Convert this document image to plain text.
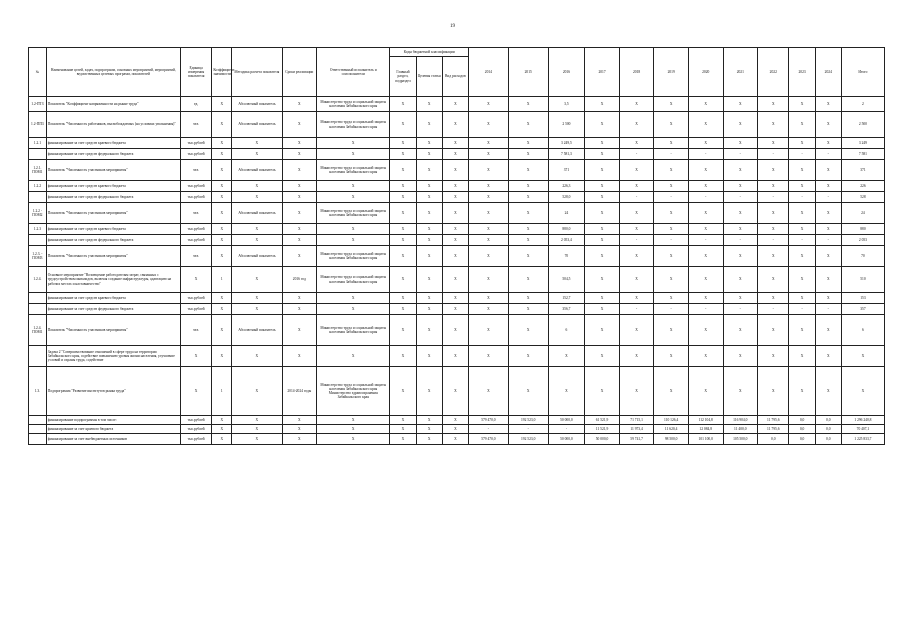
19
№	Наименование целей, задач, подпрограмм, основных мероприятий, мероприятий, ведомственных целевых программ, показателей	Единица измерения показателя	Коэффициент значимости	Методика расчета показателя	Сроки реализации	Ответственный исполнитель и соисполнители	Коды бюджетной классификации			2014	2015	2016	2017	2018	2019	2020	2021	2022	2023	2024	Итого
							Главный раздел, подраздел	Целевая статья	Вид расходов												
1.2-ПТЗ	Показатель "Коэффициент напряженности на рынке труда"	ед.	Х	Абсолютный показатель	Х	Министерство труда и социальной защиты населения Забайкальского края	Х	Х	Х	Х	Х	3,5	Х	Х	Х	Х	Х	Х	Х	Х	2
1.2-ПП3	Показатель "Численность работников, высвобождаемых (на условиях увольнения)"	чел.	Х	Абсолютный показатель	Х	Министерство труда и социальной защиты населения Забайкальского края	Х	Х	Х	Х	Х	2 500	Х	Х	Х	Х	Х	Х	Х	Х	2 500
1.2.1	финансирование за счет средств краевого бюджета	тыс.рублей	Х	Х	Х	Х	Х	Х	Х	Х	Х	3 249,5	Х	Х	Х	Х	Х	Х	Х	Х	3 249
	финансирование за счет средств федерального бюджета	тыс.рублей	Х	Х	Х	Х	Х	Х	Х	Х	Х	7 581,3	Х	-	-	-	-	-	-	-	7 581
1.2.1. ПОМ1	Показатель "Численность участников мероприятия"	чел.	Х	Абсолютный показатель	Х	Министерство труда и социальной защиты населения Забайкальского края	Х	Х	Х	Х	Х	371	Х	Х	Х	Х	Х	Х	Х	Х	371
1.2.2	финансирование за счет средств краевого бюджета	тыс.рублей	Х	Х	Х	Х	Х	Х	Х	Х	Х	226,3	Х	Х	Х	Х	Х	Х	Х	Х	226
	финансирование за счет средств федерального бюджета	тыс.рублей	Х	Х	Х	Х	Х	Х	Х	Х	Х	528,0	Х	-	-	-	-	-	-	-	528
1.2.2 - ПОМ2	Показатель "Численность участников мероприятия"	чел.	Х	Абсолютный показатель	Х	Министерство труда и социальной защиты населения Забайкальского края	Х	Х	Х	Х	Х	24	Х	Х	Х	Х	Х	Х	Х	Х	24
1.2.3	финансирование за счет средств краевого бюджета	тыс.рублей	Х	Х	Х	Х	Х	Х	Х	Х	Х	880,0	Х	Х	Х	Х	Х	Х	Х	Х	880
	финансирование за счет средств федерального бюджета	тыс.рублей	Х	Х	Х	Х	Х	Х	Х	Х	Х	2 053,4	Х	-	-	-	-	-	-	-	2 053
1.2.3. - ПОМ3	Показатель "Численность участников мероприятия"	чел.	Х	Абсолютный показатель	Х	Министерство труда и социальной защиты населения Забайкальского края	Х	Х	Х	Х	Х	70	Х	Х	Х	Х	Х	Х	Х	Х	70
1.2.4.	Основное мероприятие "Возмещение работодателям затрат, связанных с трудоустройством инвалидов, включая создание инфраструктуры, адаптацию на рабочих местах и наставничество"	Х	1	Х	2016 год	Министерство труда и социальной защиты населения Забайкальского края	Х	Х	Х	Х	Х	504,5	Х	Х	Х	Х	Х	Х	Х	Х	510
	финансирование за счет средств краевого бюджета	тыс.рублей	Х	Х	Х	Х	Х	Х	Х	Х	Х	152,7	Х	Х	Х	Х	Х	Х	Х	Х	153
	финансирование за счет средств федерального бюджета	тыс.рублей	Х	Х	Х	Х	Х	Х	Х	Х	Х	356,7	Х	-	-	-	-	-	-	-	357
1.2.4. ПОМ1	Показатель "Численность участников мероприятия"	чел.	Х	Абсолютный показатель	Х	Министерство труда и социальной защиты населения Забайкальского края	Х	Х	Х	Х	Х	6	Х	Х	Х	Х	Х	Х	Х	Х	6
	Задача 2 "Совершенствование отношений в сфере труда на территории Забайкальского края, содействие повышению уровня жизни населения, улучшение условий и охраны труда, содействие	Х	Х	Х	Х	Х	Х	Х	Х	Х	Х	Х	Х	Х	Х	Х	Х	Х	Х	Х	Х
1.3.	Подпрограмма "Развитие институтов рынка труда"	Х	1	Х	2014-2024 годы	Министерство труда и социальной защиты населения Забайкальского края Министерство здравоохранения Забайкальского края	Х	Х	Х	Х	Х	Х	Х	Х	Х	Х	Х	Х	Х	Х	Х
	финансирование подпрограммы в том числе:	тыс.рублей	Х	Х	Х	Х	Х	Х	Х	579 470,0	192 523,0	50 000,0	61 521,9	71 715,1	110 126,4	112 104,8	116 904,0	11 795,6	0,0	0,0	1 296 240,8
	финансирование за счет краевого бюджета	тыс.рублей	Х	Х	Х	Х	Х	Х	Х	-	-	-	11 521,9	11 973,4	11 620,4	12 084,8	11 400,0	11 795,6	0,0	0,0	70 407,1
	финансирование за счет внебюджетных источников	тыс.рублей	Х	Х	Х	Х	Х	Х	Х	579 470,0	192 523,0	50 000,0	50 000,0	59 741,7	98 500,0	101 100,0	105 500,0	0,0	0,0	0,0	1 225 833,7
